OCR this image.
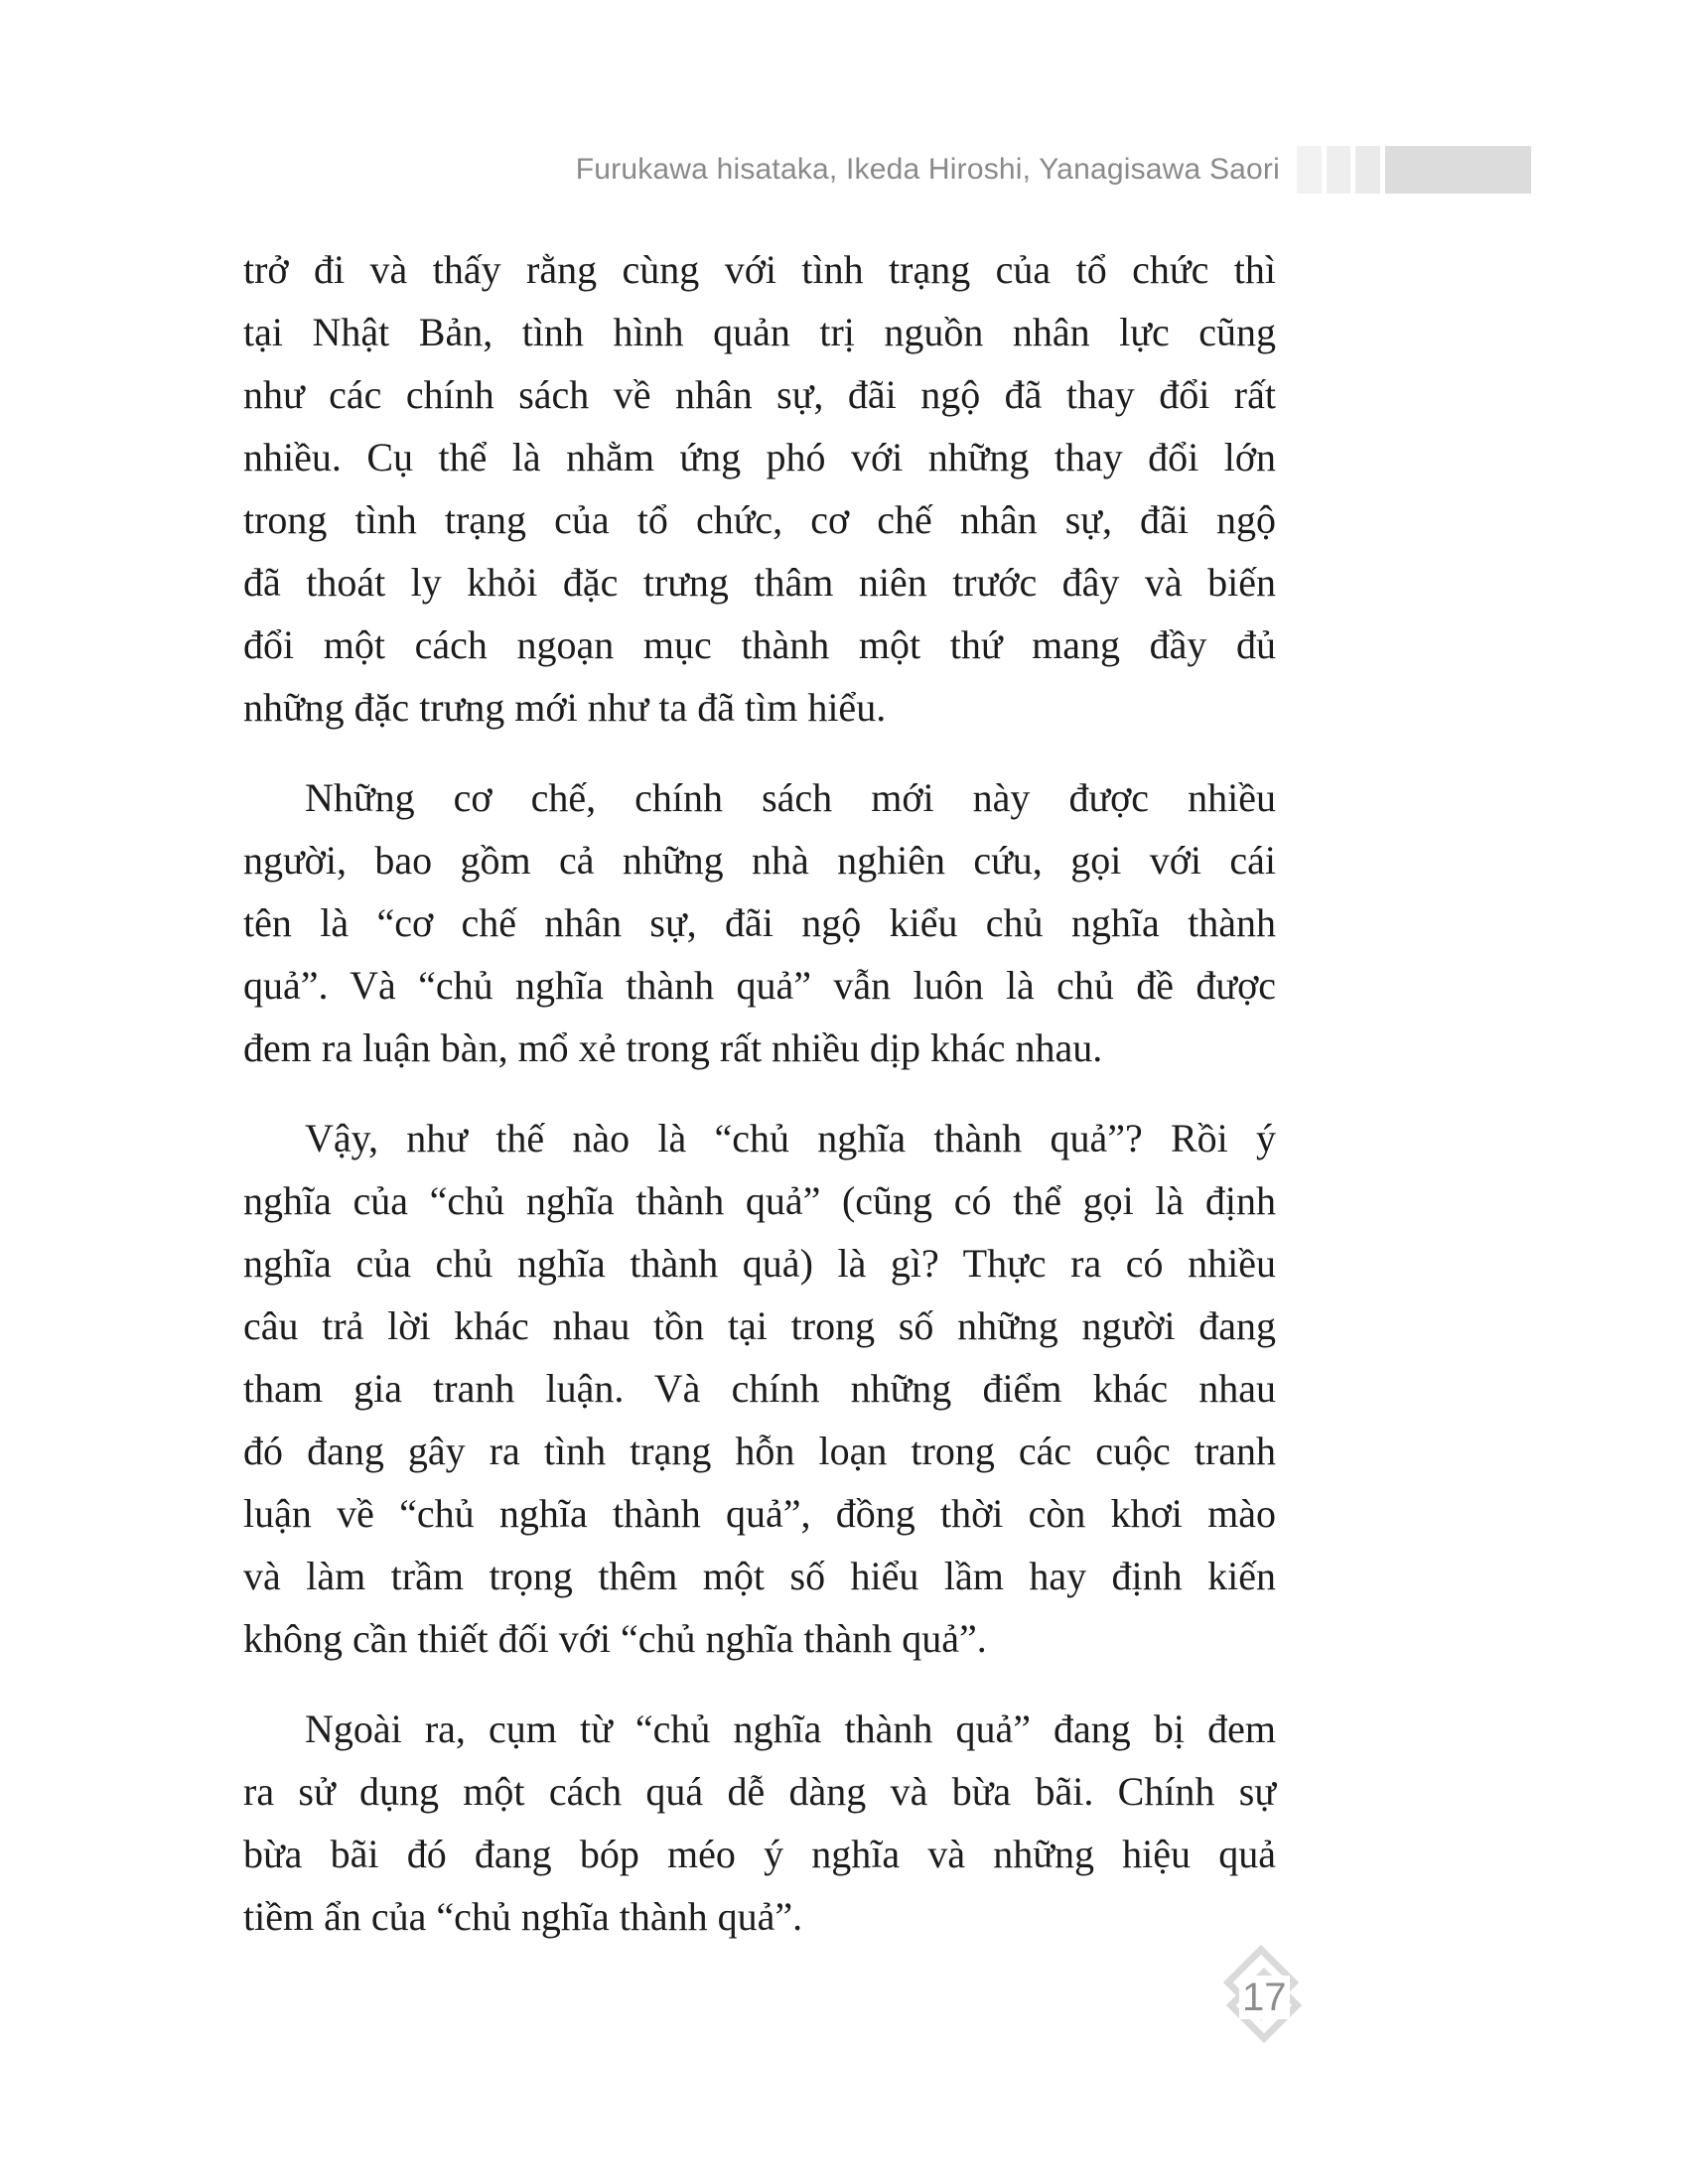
Furukawa hisataka, Ikeda Hiroshi, Yanagisawa Saori

trở đi và thấy rằng cùng với tình trạng của tổ chức thì
tại Nhật Bản, tình hình quản trị nguồn nhân lực cũng
như các chính sách về nhân sự, đãi ngộ đã thay đổi rất
nhiều. Cụ thể là nhằm ứng phó với những thay đổi lớn
trong tình trạng của tổ chức, cơ chế nhân sự, đãi ngộ
đã thoát ly khỏi đặc trưng thâm niên trước đây và biến
đổi một cách ngoạn mục thành một thứ mang đầy đủ
những đặc trưng mới như ta đã tìm hiểu.

Những cơ chế, chính sách mới này được nhiều
người, bao gồm cả những nhà nghiên cứu, gọi với cái
tên là “cơ chế nhân sự, đãi ngộ kiểu chủ nghĩa thành
quả”. Và “chủ nghĩa thành quả” vẫn luôn là chủ đề được
đem ra luận bàn, mổ xẻ trong rất nhiều dịp khác nhau.

Vậy, như thế nào là “chủ nghĩa thành quả”? Rồi ý
nghĩa của “chủ nghĩa thành quả” (cũng có thể gọi là định
nghĩa của chủ nghĩa thành quả) là gì? Thực ra có nhiều
câu trả lời khác nhau tồn tại trong số những người đang
tham gia tranh luận. Và chính những điểm khác nhau
đó đang gây ra tình trạng hỗn loạn trong các cuộc tranh
luận về “chủ nghĩa thành quả”, đồng thời còn khơi mào
và làm trầm trọng thêm một số hiểu lầm hay định kiến
không cần thiết đối với “chủ nghĩa thành quả”.

Ngoài ra, cụm từ “chủ nghĩa thành quả” đang bị đem
ra sử dụng một cách quá dễ dàng và bừa bãi. Chính sự
bừa bãi đó đang bóp méo ý nghĩa và những hiệu quả
tiềm ẩn của “chủ nghĩa thành quả”.

17
